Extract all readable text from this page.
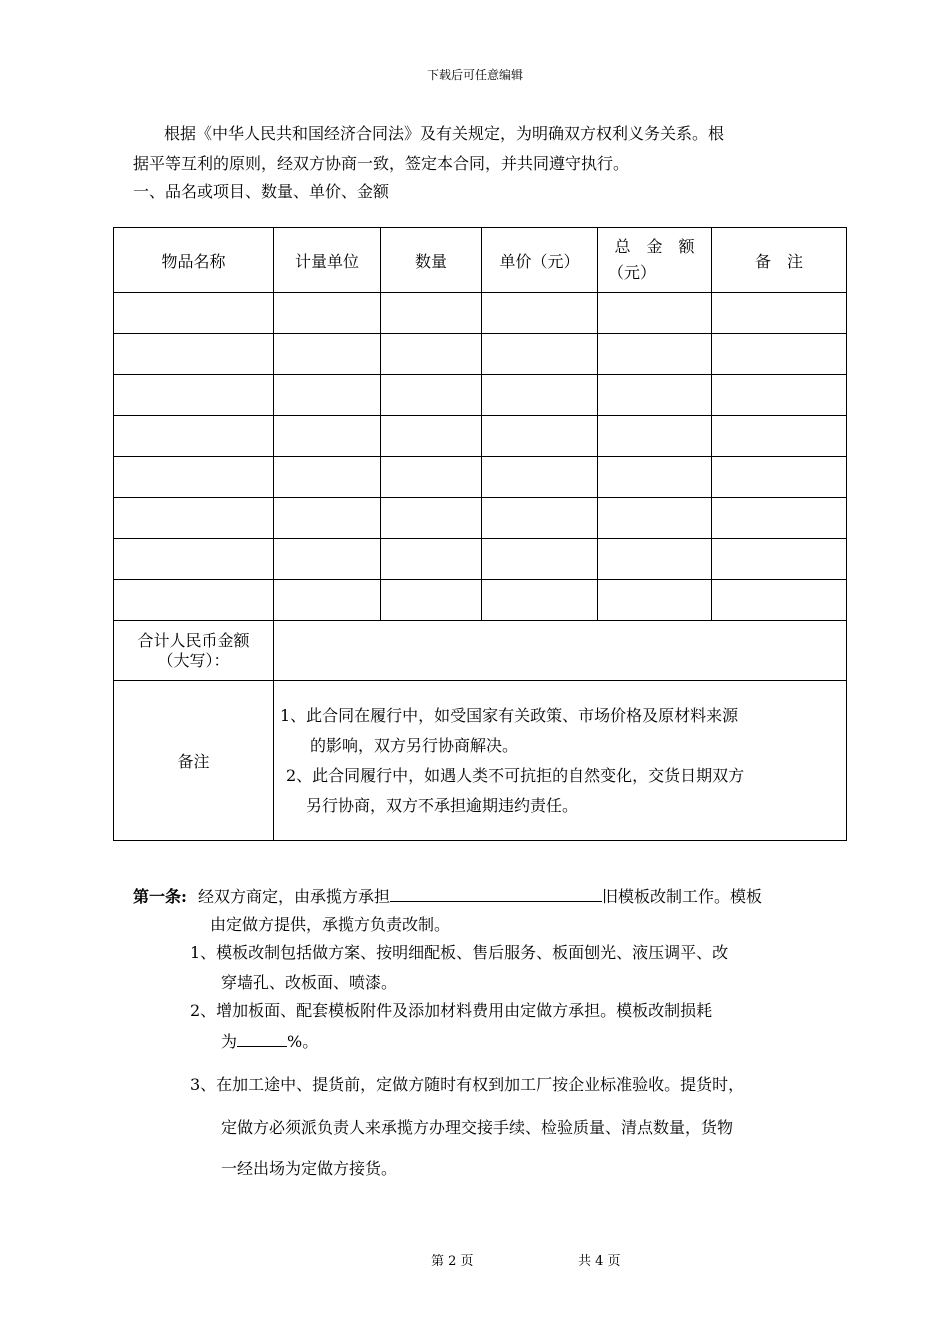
下载后可任意编辑
根据《中华人民共和国经济合同法》及有关规定，为明确双方权利义务关系。根
据平等互利的原则，经双方协商一致，签定本合同，并共同遵守执行。
一、品名或项目、数量、单价、金额
物品名称	计量单位	数量	单价（元）	总　金　额
（元）	备　注

合计人民币金额
（大写）：					

备注	1、此合同在履行中，如受国家有关政策、市场价格及原材料来源
的影响，双方另行协商解决。
2、此合同履行中，如遇人类不可抗拒的自然变化，交货日期双方
另行协商，双方不承担逾期违约责任。				
第一条: 经双方商定，由承揽方承担	旧模板改制工作。模板
由定做方提供，承揽方负责改制。
1、模板改制包括做方案、按明细配板、售后服务、板面刨光、液压调平、改
穿墙孔、改板面、喷漆。
2、增加板面、配套模板附件及添加材料费用由定做方承担。模板改制损耗
为	%。
3、在加工途中、提货前，定做方随时有权到加工厂按企业标准验收。提货时，
定做方必须派负责人来承揽方办理交接手续、检验质量、清点数量，货物
一经出场为定做方接货。
第 2 页	共 4 页
